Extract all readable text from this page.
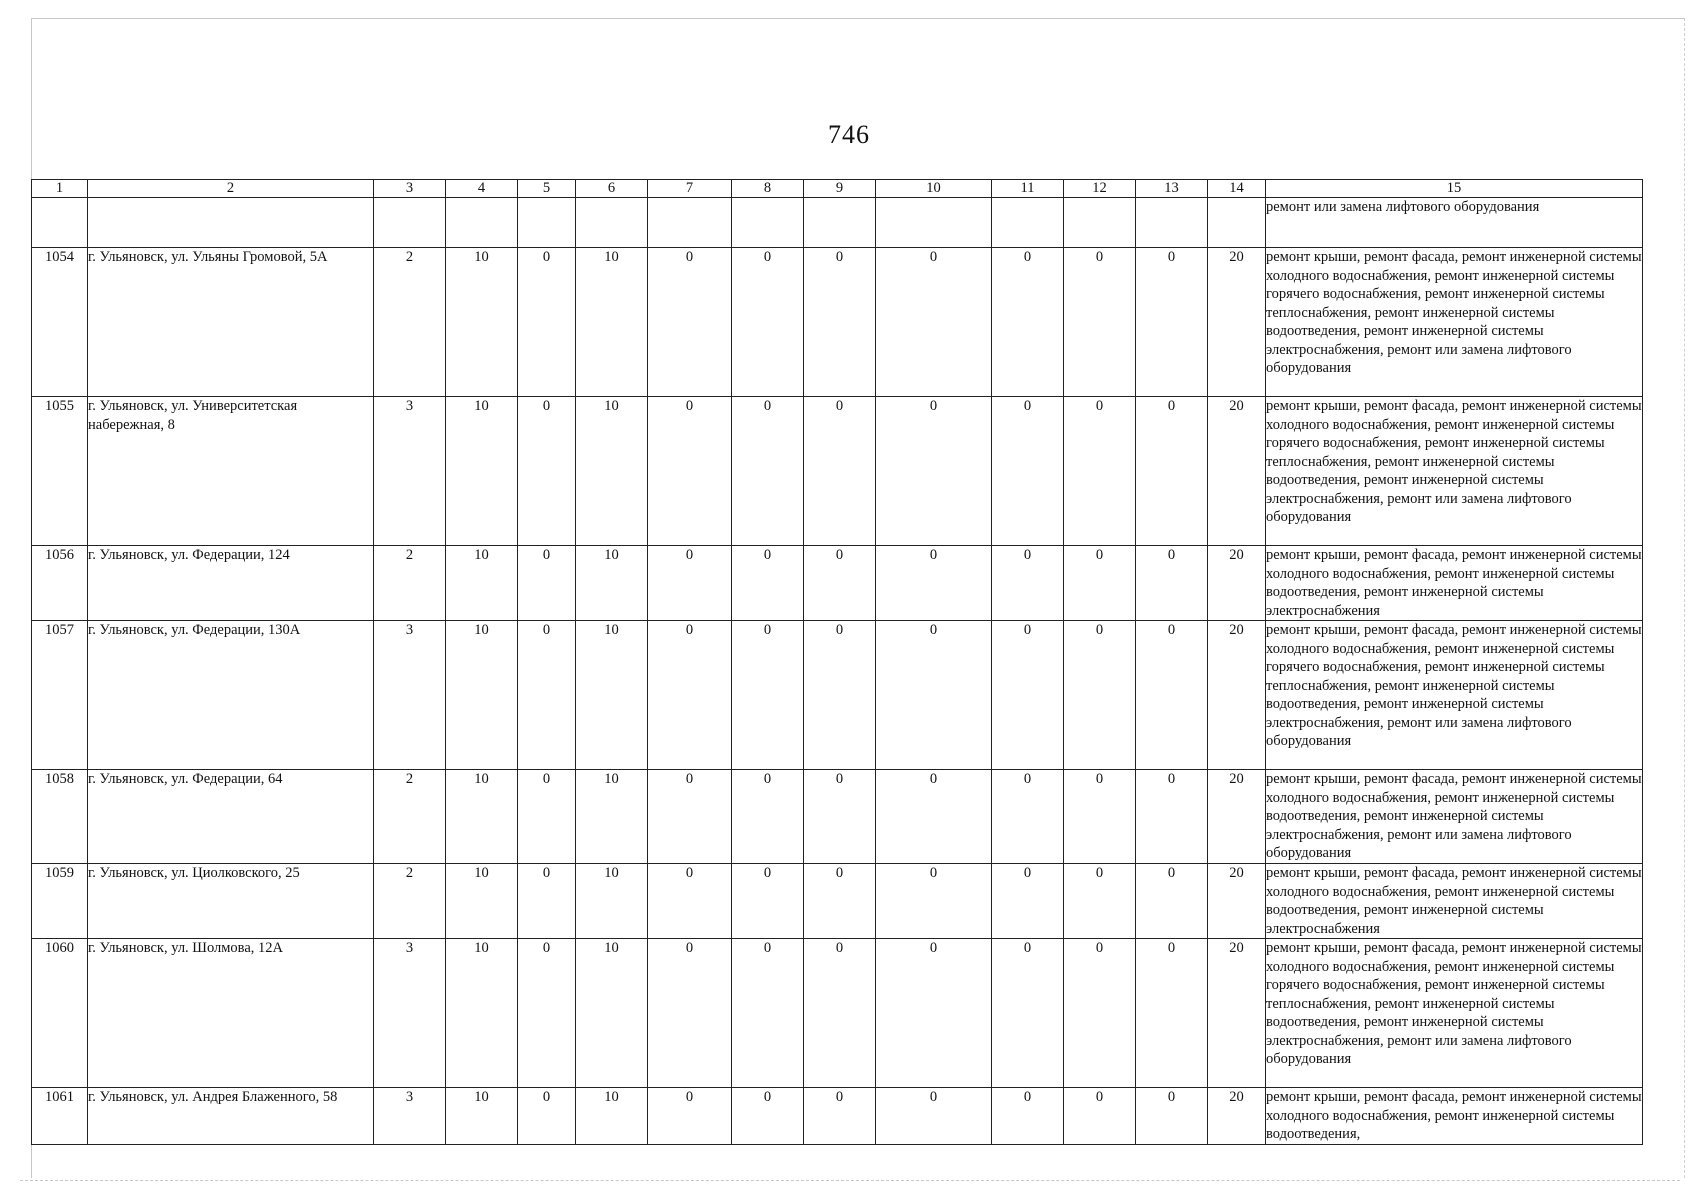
746
1	2	3	4	5	6	7	8	9	10	11	12	13	14	15
														ремонт или замена лифтового оборудования
1054	г. Ульяновск, ул. Ульяны Громовой, 5А	2	10	0	10	0	0	0	0	0	0	0	20	ремонт крыши, ремонт фасада, ремонт инженерной системы холодного водоснабжения, ремонт инженерной системы горячего водоснабжения, ремонт инженерной системы теплоснабжения, ремонт инженерной системы водоотведения, ремонт инженерной системы электроснабжения, ремонт или замена лифтового оборудования
1055	г. Ульяновск, ул. Университетская набережная, 8	3	10	0	10	0	0	0	0	0	0	0	20	ремонт крыши, ремонт фасада, ремонт инженерной системы холодного водоснабжения, ремонт инженерной системы горячего водоснабжения, ремонт инженерной системы теплоснабжения, ремонт инженерной системы водоотведения, ремонт инженерной системы электроснабжения, ремонт или замена лифтового оборудования
1056	г. Ульяновск, ул. Федерации, 124	2	10	0	10	0	0	0	0	0	0	0	20	ремонт крыши, ремонт фасада, ремонт инженерной системы холодного водоснабжения, ремонт инженерной системы водоотведения, ремонт инженерной системы электроснабжения
1057	г. Ульяновск, ул. Федерации, 130А	3	10	0	10	0	0	0	0	0	0	0	20	ремонт крыши, ремонт фасада, ремонт инженерной системы холодного водоснабжения, ремонт инженерной системы горячего водоснабжения, ремонт инженерной системы теплоснабжения, ремонт инженерной системы водоотведения, ремонт инженерной системы электроснабжения, ремонт или замена лифтового оборудования
1058	г. Ульяновск, ул. Федерации, 64	2	10	0	10	0	0	0	0	0	0	0	20	ремонт крыши, ремонт фасада, ремонт инженерной системы холодного водоснабжения, ремонт инженерной системы водоотведения, ремонт инженерной системы электроснабжения, ремонт или замена лифтового оборудования
1059	г. Ульяновск, ул. Циолковского, 25	2	10	0	10	0	0	0	0	0	0	0	20	ремонт крыши, ремонт фасада, ремонт инженерной системы холодного водоснабжения, ремонт инженерной системы водоотведения, ремонт инженерной системы электроснабжения
1060	г. Ульяновск, ул. Шолмова, 12А	3	10	0	10	0	0	0	0	0	0	0	20	ремонт крыши, ремонт фасада, ремонт инженерной системы холодного водоснабжения, ремонт инженерной системы горячего водоснабжения, ремонт инженерной системы теплоснабжения, ремонт инженерной системы водоотведения, ремонт инженерной системы электроснабжения, ремонт или замена лифтового оборудования
1061	г. Ульяновск, ул. Андрея Блаженного, 58	3	10	0	10	0	0	0	0	0	0	0	20	ремонт крыши, ремонт фасада, ремонт инженерной системы холодного водоснабжения, ремонт инженерной системы водоотведения,
